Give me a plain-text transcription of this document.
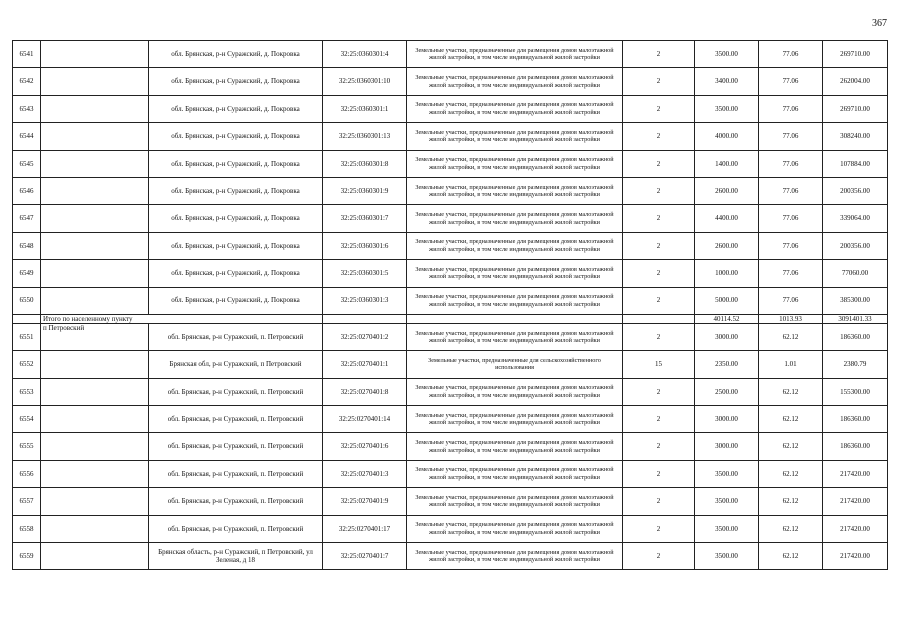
367
6541		обл. Брянская, р-н Суражский, д. Покровка	32:25:0360301:4	Земельные участки, предназначенные для размещения домов малоэтажной жилой застройки, в том числе индивидуальной жилой застройки	2	3500.00	77.06	269710.00
6542		обл. Брянская, р-н Суражский, д. Покровка	32:25:0360301:10	Земельные участки, предназначенные для размещения домов малоэтажной жилой застройки, в том числе индивидуальной жилой застройки	2	3400.00	77.06	262004.00
6543		обл. Брянская, р-н Суражский, д. Покровка	32:25:0360301:1	Земельные участки, предназначенные для размещения домов малоэтажной жилой застройки, в том числе индивидуальной жилой застройки	2	3500.00	77.06	269710.00
6544		обл. Брянская, р-н Суражский, д. Покровка	32:25:0360301:13	Земельные участки, предназначенные для размещения домов малоэтажной жилой застройки, в том числе индивидуальной жилой застройки	2	4000.00	77.06	308240.00
6545		обл. Брянская, р-н Суражский, д. Покровка	32:25:0360301:8	Земельные участки, предназначенные для размещения домов малоэтажной жилой застройки, в том числе индивидуальной жилой застройки	2	1400.00	77.06	107884.00
6546		обл. Брянская, р-н Суражский, д. Покровка	32:25:0360301:9	Земельные участки, предназначенные для размещения домов малоэтажной жилой застройки, в том числе индивидуальной жилой застройки	2	2600.00	77.06	200356.00
6547		обл. Брянская, р-н Суражский, д. Покровка	32:25:0360301:7	Земельные участки, предназначенные для размещения домов малоэтажной жилой застройки, в том числе индивидуальной жилой застройки	2	4400.00	77.06	339064.00
6548		обл. Брянская, р-н Суражский, д. Покровка	32:25:0360301:6	Земельные участки, предназначенные для размещения домов малоэтажной жилой застройки, в том числе индивидуальной жилой застройки	2	2600.00	77.06	200356.00
6549		обл. Брянская, р-н Суражский, д. Покровка	32:25:0360301:5	Земельные участки, предназначенные для размещения домов малоэтажной жилой застройки, в том числе индивидуальной жилой застройки	2	1000.00	77.06	77060.00
6550		обл. Брянская, р-н Суражский, д. Покровка	32:25:0360301:3	Земельные участки, предназначенные для размещения домов малоэтажной жилой застройки, в том числе индивидуальной жилой застройки	2	5000.00	77.06	385300.00
	Итого по населенному пункту					40114.52	1013.93	3091401.33
6551	п Петровский	обл. Брянская, р-н Суражский, п. Петровский	32:25:0270401:2	Земельные участки, предназначенные для размещения домов малоэтажной жилой застройки, в том числе индивидуальной жилой застройки	2	3000.00	62.12	186360.00
6552		Брянская обл, р-н Суражский, п Петровский	32:25:0270401:1	Земельные участки, предназначенные для сельскохозяйственного использования	15	2350.00	1.01	2380.79
6553		обл. Брянская, р-н Суражский, п. Петровский	32:25:0270401:8	Земельные участки, предназначенные для размещения домов малоэтажной жилой застройки, в том числе индивидуальной жилой застройки	2	2500.00	62.12	155300.00
6554		обл. Брянская, р-н Суражский, п. Петровский	32:25:0270401:14	Земельные участки, предназначенные для размещения домов малоэтажной жилой застройки, в том числе индивидуальной жилой застройки	2	3000.00	62.12	186360.00
6555		обл. Брянская, р-н Суражский, п. Петровский	32:25:0270401:6	Земельные участки, предназначенные для размещения домов малоэтажной жилой застройки, в том числе индивидуальной жилой застройки	2	3000.00	62.12	186360.00
6556		обл. Брянская, р-н Суражский, п. Петровский	32:25:0270401:3	Земельные участки, предназначенные для размещения домов малоэтажной жилой застройки, в том числе индивидуальной жилой застройки	2	3500.00	62.12	217420.00
6557		обл. Брянская, р-н Суражский, п. Петровский	32:25:0270401:9	Земельные участки, предназначенные для размещения домов малоэтажной жилой застройки, в том числе индивидуальной жилой застройки	2	3500.00	62.12	217420.00
6558		обл. Брянская, р-н Суражский, п. Петровский	32:25:0270401:17	Земельные участки, предназначенные для размещения домов малоэтажной жилой застройки, в том числе индивидуальной жилой застройки	2	3500.00	62.12	217420.00
6559		Брянская область, р-н Суражский, п Петровский, ул Зеленая, д 18	32:25:0270401:7	Земельные участки, предназначенные для размещения домов малоэтажной жилой застройки, в том числе индивидуальной жилой застройки	2	3500.00	62.12	217420.00
